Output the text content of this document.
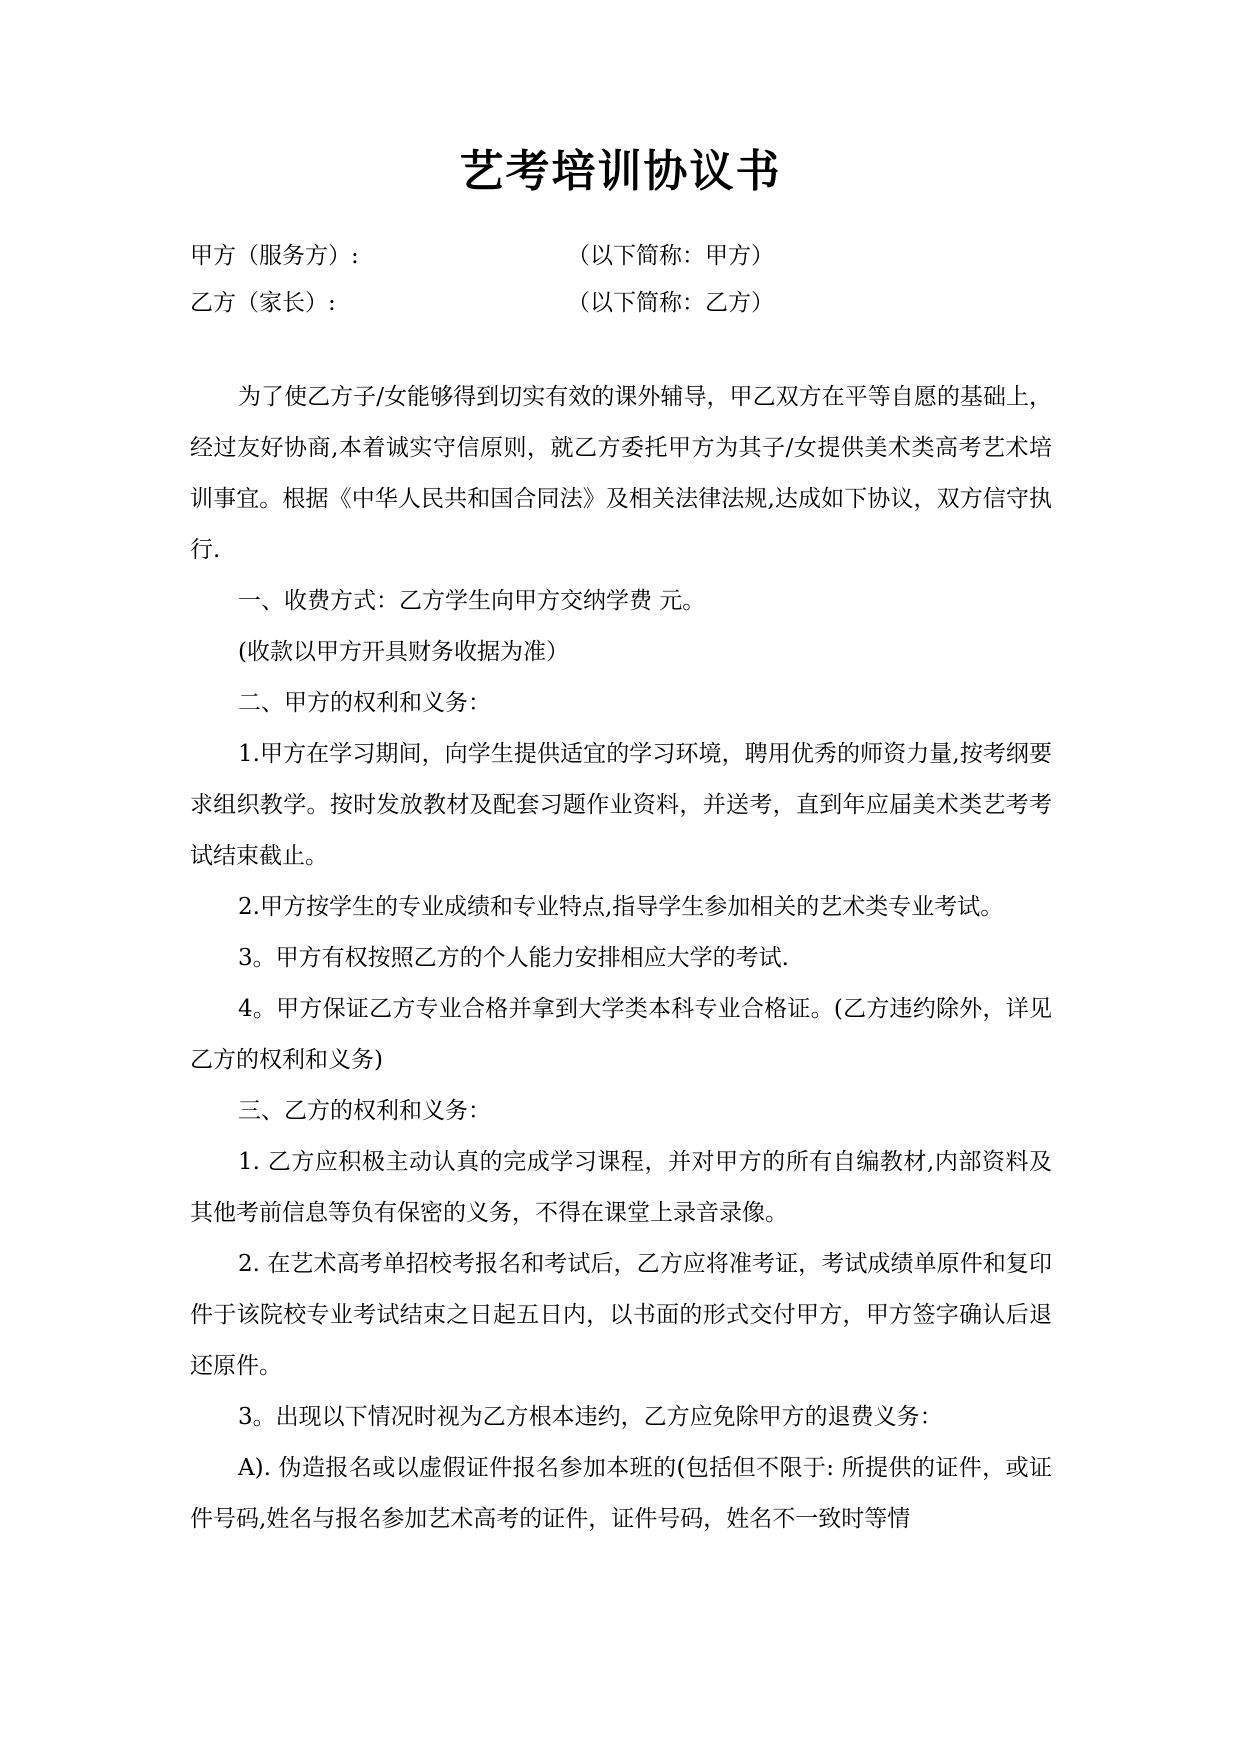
艺考培训协议书
甲方（服务方）:	（以下简称：甲方）
乙方（家长）:	（以下简称：乙方）

为了使乙方子/女能够得到切实有效的课外辅导，甲乙双方在平等自愿的基础上，经过友好协商,本着诚实守信原则，就乙方委托甲方为其子/女提供美术类高考艺术培训事宜。根据《中华人民共和国合同法》及相关法律法规,达成如下协议，双方信守执行.

一、收费方式：乙方学生向甲方交纳学费 元。

(收款以甲方开具财务收据为准）

二、甲方的权利和义务：

1.甲方在学习期间，向学生提供适宜的学习环境，聘用优秀的师资力量,按考纲要求组织教学。按时发放教材及配套习题作业资料，并送考，直到年应届美术类艺考考试结束截止。

2.甲方按学生的专业成绩和专业特点,指导学生参加相关的艺术类专业考试。

3。甲方有权按照乙方的个人能力安排相应大学的考试.

4。甲方保证乙方专业合格并拿到大学类本科专业合格证。(乙方违约除外，详见乙方的权利和义务)

三、乙方的权利和义务：

1. 乙方应积极主动认真的完成学习课程，并对甲方的所有自编教材,内部资料及其他考前信息等负有保密的义务，不得在课堂上录音录像。

2. 在艺术高考单招校考报名和考试后，乙方应将准考证，考试成绩单原件和复印件于该院校专业考试结束之日起五日内，以书面的形式交付甲方，甲方签字确认后退还原件。

3。出现以下情况时视为乙方根本违约，乙方应免除甲方的退费义务：

A). 伪造报名或以虚假证件报名参加本班的(包括但不限于: 所提供的证件，或证件号码,姓名与报名参加艺术高考的证件，证件号码，姓名不一致时等情
